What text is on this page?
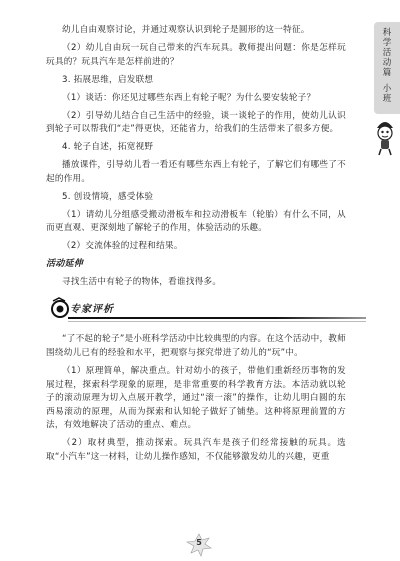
幼儿自由观察讨论，并通过观察认识到轮子是圆形的这一特征。

（2）幼儿自由玩一玩自己带来的汽车玩具。教师提出问题：你是怎样玩玩具的？玩具汽车是怎样前进的？

3. 拓展思维，启发联想

（1）谈话：你还见过哪些东西上有轮子呢？为什么要安装轮子？

（2）引导幼儿结合自己生活中的经验，谈一谈轮子的作用，使幼儿认识到轮子可以帮我们“走”得更快，还能省力，给我们的生活带来了很多方便。

4. 轮子自述，拓宽视野

播放课件，引导幼儿看一看还有哪些东西上有轮子，了解它们有哪些了不起的作用。

5. 创设情境，感受体验

（1）请幼儿分组感受搬动滑板车和拉动滑板车（轮胎）有什么不同，从而更直观、更深刻地了解轮子的作用，体验活动的乐趣。

（2）交流体验的过程和结果。

活动延伸

寻找生活中有轮子的物体，看谁找得多。

专家评析

“了不起的轮子”是小班科学活动中比较典型的内容。在这个活动中，教师围绕幼儿已有的经验和水平，把观察与探究带进了幼儿的“玩”中。

（1）原理简单，解决重点。针对幼小的孩子，带他们重新经历事物的发展过程，探索科学现象的原理，是非常重要的科学教育方法。本活动就以轮子的滚动原理为切入点展开教学，通过“滚一滚”的操作，让幼儿明白圆的东西易滚动的原理，从而为探索和认知轮子做好了铺垫。这种将原理前置的方法，有效地解决了活动的重点、难点。

（2）取材典型，推动探索。玩具汽车是孩子们经常接触的玩具。选取“小汽车”这一材料，让幼儿操作感知，不仅能够激发幼儿的兴趣，更重

科学活动篇
小班
5
